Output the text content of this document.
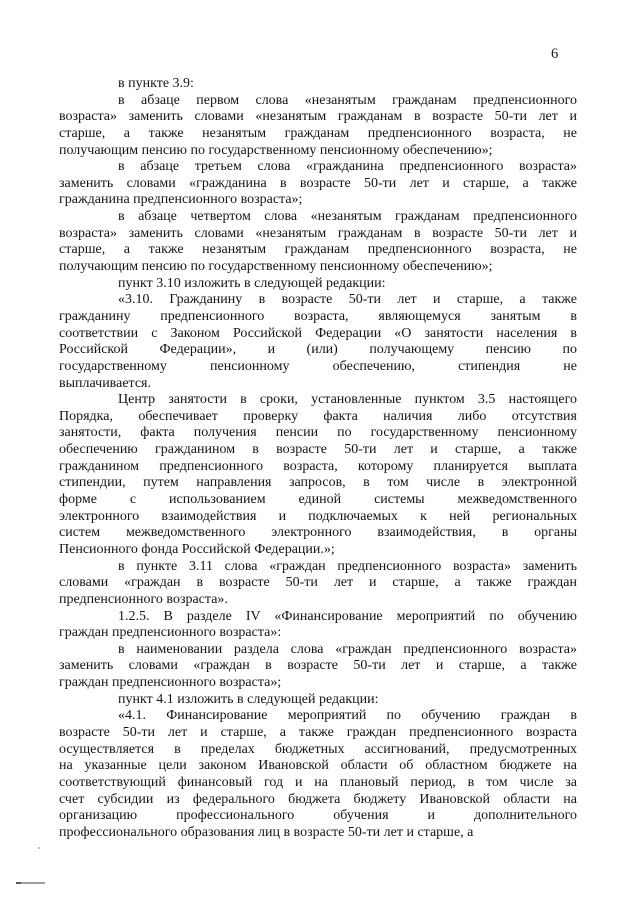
6
в пункте 3.9:
в абзаце первом слова «незанятым гражданам предпенсионного
возраста» заменить словами «незанятым гражданам в возрасте 50-ти лет и
старше, а также незанятым гражданам предпенсионного возраста, не
получающим пенсию по государственному пенсионному обеспечению»;
в абзаце третьем слова «гражданина предпенсионного возраста»
заменить словами «гражданина в возрасте 50-ти лет и старше, а также
гражданина предпенсионного возраста»;
в абзаце четвертом слова «незанятым гражданам предпенсионного
возраста» заменить словами «незанятым гражданам в возрасте 50-ти лет и
старше, а также незанятым гражданам предпенсионного возраста, не
получающим пенсию по государственному пенсионному обеспечению»;
пункт 3.10 изложить в следующей редакции:
«3.10. Гражданину в возрасте 50-ти лет и старше, а также
гражданину предпенсионного возраста, являющемуся занятым в
соответствии с Законом Российской Федерации «О занятости населения в
Российской Федерации», и (или) получающему пенсию по
государственному пенсионному обеспечению, стипендия не
выплачивается.
Центр занятости в сроки, установленные пунктом 3.5 настоящего
Порядка, обеспечивает проверку факта наличия либо отсутствия
занятости, факта получения пенсии по государственному пенсионному
обеспечению гражданином в возрасте 50-ти лет и старше, а также
гражданином предпенсионного возраста, которому планируется выплата
стипендии, путем направления запросов, в том числе в электронной
форме с использованием единой системы межведомственного
электронного взаимодействия и подключаемых к ней региональных
систем межведомственного электронного взаимодействия, в органы
Пенсионного фонда Российской Федерации.»;
в пункте 3.11 слова «граждан предпенсионного возраста» заменить
словами «граждан в возрасте 50-ти лет и старше, а также граждан
предпенсионного возраста».
1.2.5. В разделе IV «Финансирование мероприятий по обучению
граждан предпенсионного возраста»:
в наименовании раздела слова «граждан предпенсионного возраста»
заменить словами «граждан в возрасте 50-ти лет и старше, а также
граждан предпенсионного возраста»;
пункт 4.1 изложить в следующей редакции:
«4.1. Финансирование мероприятий по обучению граждан в
возрасте 50-ти лет и старше, а также граждан предпенсионного возраста
осуществляется в пределах бюджетных ассигнований, предусмотренных
на указанные цели законом Ивановской области об областном бюджете на
соответствующий финансовый год и на плановый период, в том числе за
счет субсидии из федерального бюджета бюджету Ивановской области на
организацию профессионального обучения и дополнительного
профессионального образования лиц в возрасте 50-ти лет и старше, а
